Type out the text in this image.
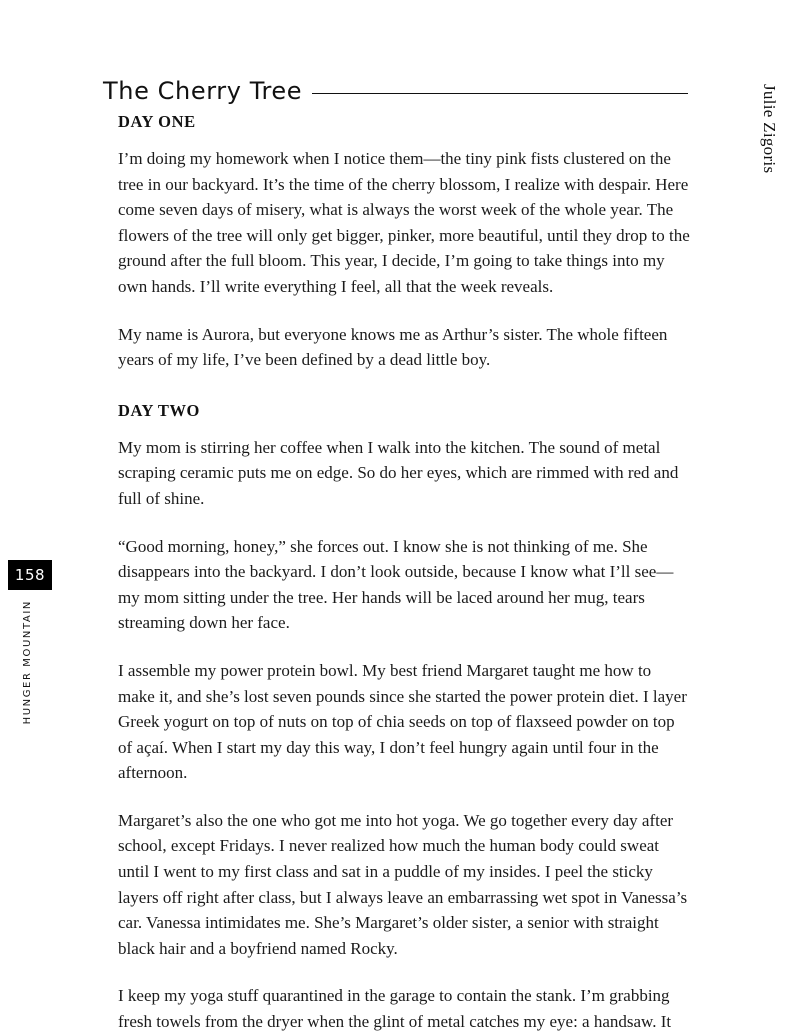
The Cherry Tree	Julie Zigoris
DAY ONE

I’m doing my homework when I notice them—the tiny pink fists clustered on the tree in our backyard. It’s the time of the cherry blossom, I realize with despair. Here come seven days of misery, what is always the worst week of the whole year. The flowers of the tree will only get bigger, pinker, more beautiful, until they drop to the ground after the full bloom. This year, I decide, I’m going to take things into my own hands. I’ll write everything I feel, all that the week reveals.

My name is Aurora, but everyone knows me as Arthur’s sister. The whole fifteen years of my life, I’ve been defined by a dead little boy.

DAY TWO

My mom is stirring her coffee when I walk into the kitchen. The sound of metal scraping ceramic puts me on edge. So do her eyes, which are rimmed with red and full of shine.

“Good morning, honey,” she forces out. I know she is not thinking of me. She disappears into the backyard. I don’t look outside, because I know what I’ll see—my mom sitting under the tree. Her hands will be laced around her mug, tears streaming down her face.

I assemble my power protein bowl. My best friend Margaret taught me how to make it, and she’s lost seven pounds since she started the power protein diet. I layer Greek yogurt on top of nuts on top of chia seeds on top of flaxseed powder on top of açaí. When I start my day this way, I don’t feel hungry again until four in the afternoon.

Margaret’s also the one who got me into hot yoga. We go together every day after school, except Fridays. I never realized how much the human body could sweat until I went to my first class and sat in a puddle of my insides. I peel the sticky layers off right after class, but I always leave an embarrassing wet spot in Vanessa’s car. Vanessa intimidates me. She’s Margaret’s older sister, a senior with straight black hair and a boyfriend named Rocky.

I keep my yoga stuff quarantined in the garage to contain the stank. I’m grabbing fresh towels from the dryer when the glint of metal catches my eye: a handsaw. It

158
HUNGER MOUNTAIN
